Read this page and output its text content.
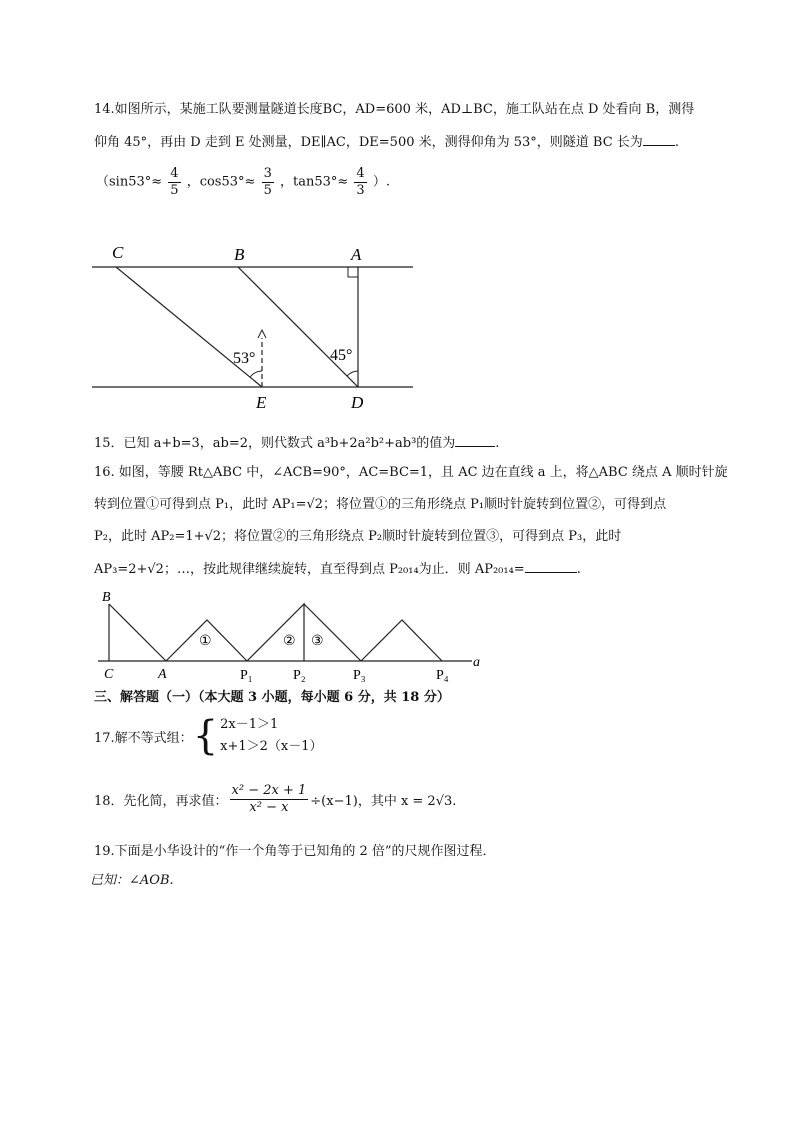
14.如图所示，某施工队要测量隧道长度BC，AD=600 米，AD⊥BC，施工队站在点 D 处看向 B，测得
仰角 45°，再由 D 走到 E 处测量，DE∥AC，DE=500 米，测得仰角为 53°，则隧道 BC 长为 .
（$\sin 53^\circ\approx \frac{4}{5}$ ，$\cos 53^\circ\approx \frac{3}{5}$ ，$\tan 53^\circ\approx \frac{4}{3}$ ）.
C	B	A
E	D
53°	45°
15．已知 a+b=3，ab=2，则代数式 a³b+2a²b²+ab³的值为	.
16. 如图，等腰 Rt△ABC 中，∠ACB=90°，AC=BC=1，且 AC 边在直线 a 上，将△ABC 绕点 A 顺时针旋
转到位置①可得到点 P₁，此时 AP₁=√2；将位置①的三角形绕点 P₁顺时针旋转到位置②，可得到点
P₂，此时 AP₂=1+√2；将位置②的三角形绕点 P₂顺时针旋转到位置③，可得到点 P₃，此时
AP₃=2+√2；…，按此规律继续旋转，直至得到点 P₂₀₁₄为止．则 AP₂₀₁₄=	.
B
C	A	P₁	P₂	P₃	P₄
a
①	② ③
三、解答题（一）（本大题 3 小题，每小题 6 分，共 18 分）
17.解不等式组： { 2x－1＞1
x+1＞2（x－1）
18．先化简，再求值： $\frac{\text{x² − 2x + 1}}{\text{x² − x}} \div(x-1)$，其中 x = 2√3.
19.下面是小华设计的“作一个角等于已知角的 2 倍”的尺规作图过程．
已知：∠AOB.
